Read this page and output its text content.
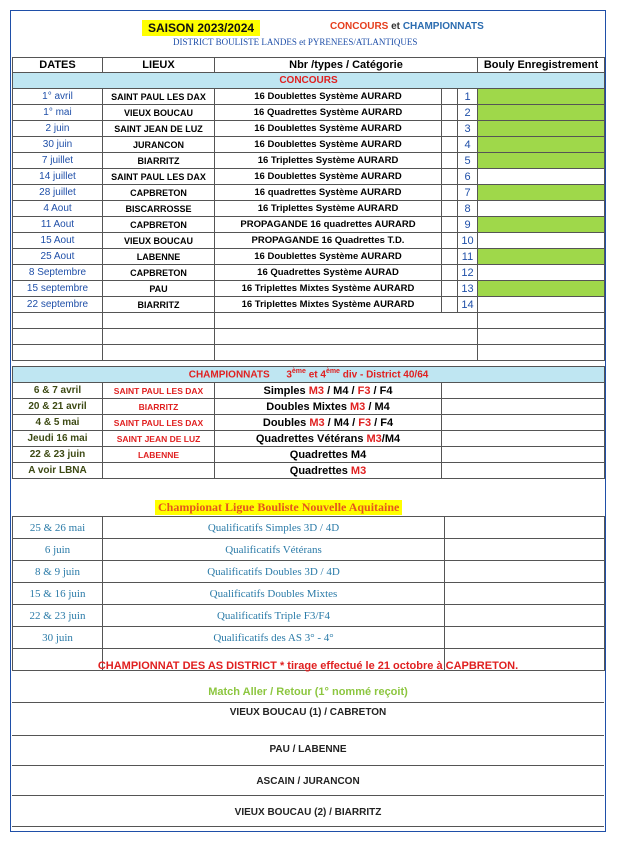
SAISON 2023/2024	CONCOURS et CHAMPIONNATS
DISTRICT BOULISTE LANDES et PYRENEES/ATLANTIQUES
DATES	LIEUX	Nbr /types / Catégorie			Bouly Enregistrement
CONCOURS					
1° avril	SAINT PAUL LES DAX	16 Doublettes Système AURARD		1	
1° mai	VIEUX BOUCAU	16 Quadrettes Système AURARD		2	
2 juin	SAINT JEAN DE LUZ	16 Doublettes Système AURARD		3	
30 juin	JURANCON	16 Doublettes Système AURARD		4	
7 juillet	BIARRITZ	16 Triplettes Système AURARD		5	
14 juillet	SAINT PAUL LES DAX	16 Doublettes Système AURARD		6	
28 juillet	CAPBRETON	16 quadrettes Système AURARD		7	
4 Aout	BISCARROSSE	16 Triplettes Système AURARD		8	
11 Aout	CAPBRETON	PROPAGANDE 16 quadrettes AURARD		9	
15 Aout	VIEUX BOUCAU	PROPAGANDE 16 Quadrettes T.D.		10	
25 Aout	LABENNE	16 Doublettes Système AURARD		11	
8 Septembre	CAPBRETON	16 Quadrettes Système AURAD		12	
15 septembre	PAU	16 Triplettes Mixtes Système AURARD		13	
22 septembre	BIARRITZ	16 Triplettes Mixtes Système AURARD		14	

CHAMPIONNATS 3ème et 4ème div - District 40/64			
6 & 7 avril	SAINT PAUL LES DAX	Simples M3 / M4 / F3 / F4	
20 & 21 avril	BIARRITZ	Doubles Mixtes M3 / M4	
4 & 5 mai	SAINT PAUL LES DAX	Doubles M3 / M4 / F3 / F4	
Jeudi 16 mai	SAINT JEAN DE LUZ	Quadrettes Vétérans M3/M4	
22 & 23 juin	LABENNE	Quadrettes M4	
A voir LBNA		Quadrettes M3	
Championat Ligue Bouliste Nouvelle Aquitaine
25 & 26 mai	Qualificatifs Simples 3D / 4D	
6 juin	Qualificatifs Vétérans	
8 & 9 juin	Qualificatifs Doubles 3D / 4D	
15 & 16 juin	Qualificatifs Doubles Mixtes	
22 & 23 juin	Qualificatifs Triple F3/F4	
30 juin	Qualificatifs des AS 3° - 4°	

CHAMPIONNAT DES AS DISTRICT * tirage effectué le 21 octobre à CAPBRETON.
Match Aller / Retour (1° nommé reçoit)
VIEUX BOUCAU (1) / CABRETON
PAU / LABENNE
ASCAIN / JURANCON
VIEUX BOUCAU (2) / BIARRITZ
